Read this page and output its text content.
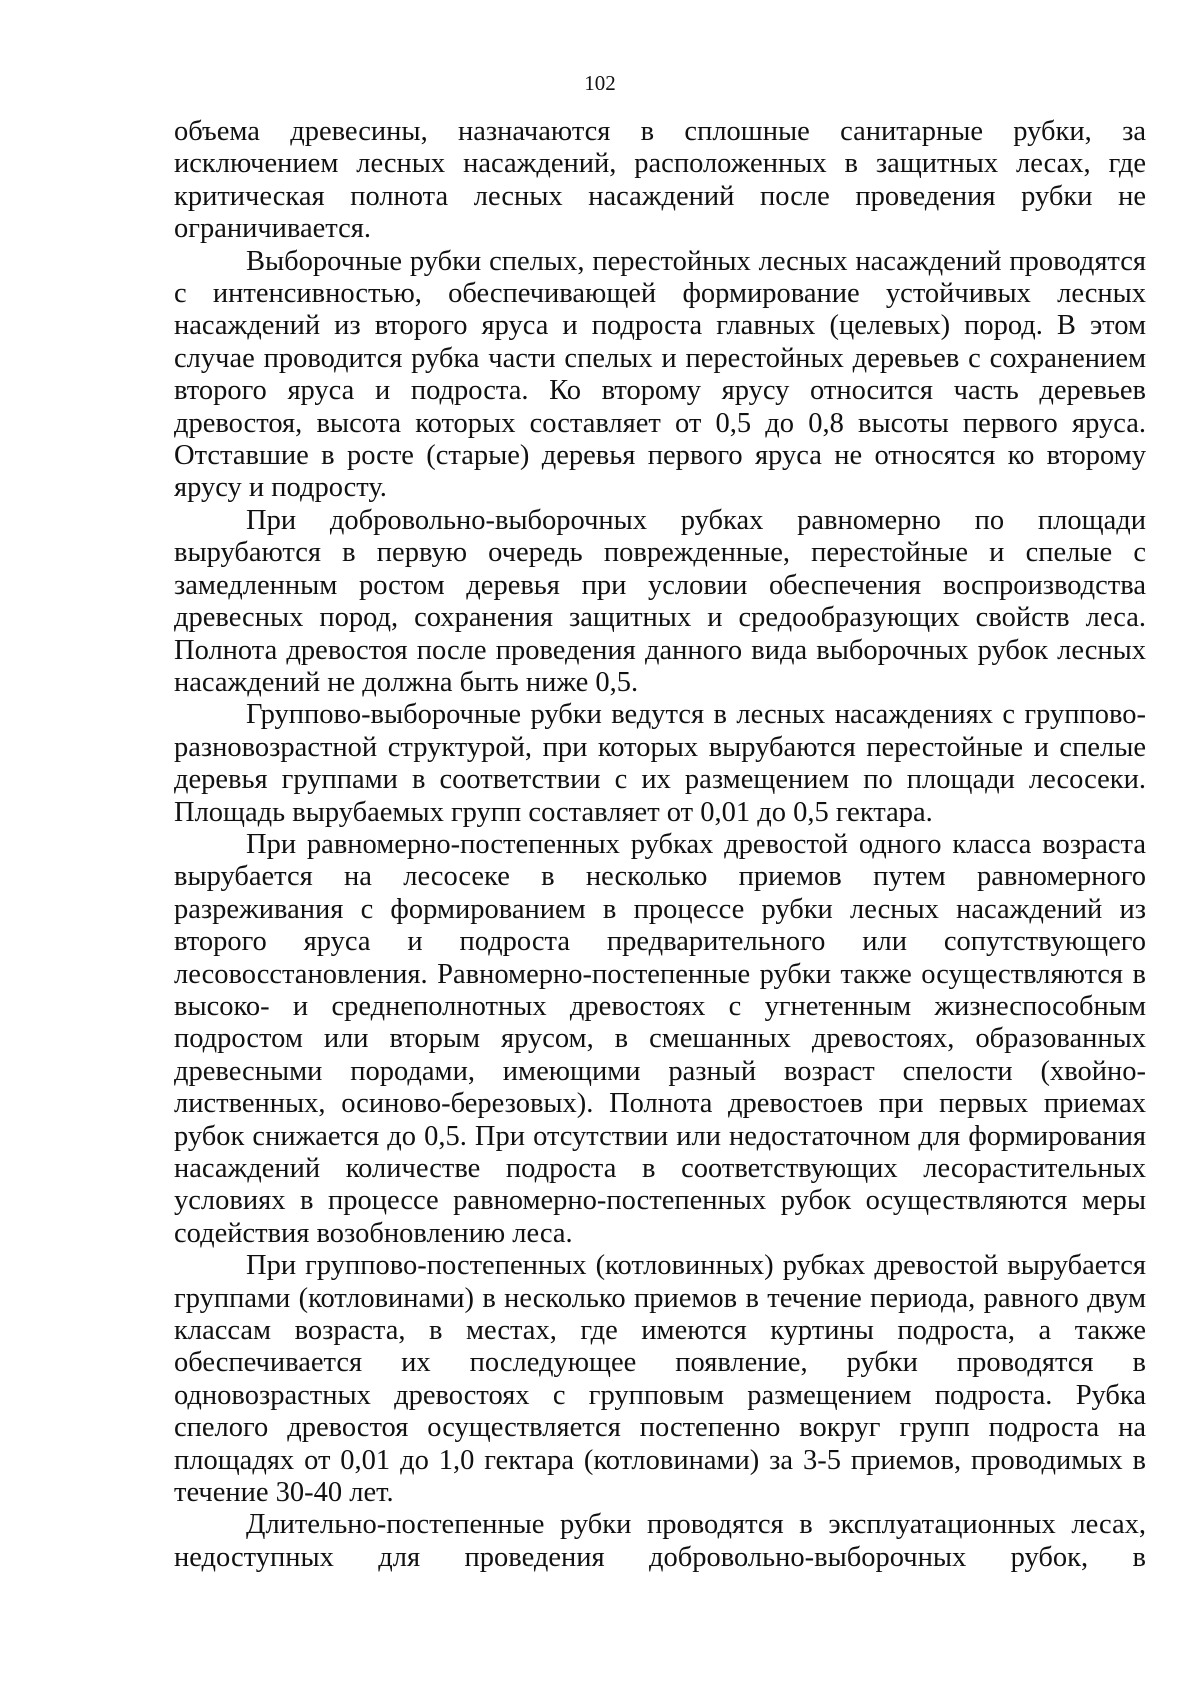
102

объема древесины, назначаются в сплошные санитарные рубки, за исключением лесных насаждений, расположенных в защитных лесах, где критическая полнота лесных насаждений после проведения рубки не ограничивается.

Выборочные рубки спелых, перестойных лесных насаждений проводятся с интенсивностью, обеспечивающей формирование устойчивых лесных насаждений из второго яруса и подроста главных (целевых) пород. В этом случае проводится рубка части спелых и перестойных деревьев с сохранением второго яруса и подроста. Ко второму ярусу относится часть деревьев древостоя, высота которых составляет от 0,5 до 0,8 высоты первого яруса. Отставшие в росте (старые) деревья первого яруса не относятся ко второму ярусу и подросту.

При добровольно-выборочных рубках равномерно по площади вырубаются в первую очередь поврежденные, перестойные и спелые с замедленным ростом деревья при условии обеспечения воспроизводства древесных пород, сохранения защитных и средообразующих свойств леса. Полнота древостоя после проведения данного вида выборочных рубок лесных насаждений не должна быть ниже 0,5.

Группово-выборочные рубки ведутся в лесных насаждениях с группово-разновозрастной структурой, при которых вырубаются перестойные и спелые деревья группами в соответствии с их размещением по площади лесосеки. Площадь вырубаемых групп составляет от 0,01 до 0,5 гектара.

При равномерно-постепенных рубках древостой одного класса возраста вырубается на лесосеке в несколько приемов путем равномерного разреживания с формированием в процессе рубки лесных насаждений из второго яруса и подроста предварительного или сопутствующего лесовосстановления. Равномерно-постепенные рубки также осуществляются в высоко- и среднеполнотных древостоях с угнетенным жизнеспособным подростом или вторым ярусом, в смешанных древостоях, образованных древесными породами, имеющими разный возраст спелости (хвойно-лиственных, осиново-березовых). Полнота древостоев при первых приемах рубок снижается до 0,5. При отсутствии или недостаточном для формирования насаждений количестве подроста в соответствующих лесорастительных условиях в процессе равномерно-постепенных рубок осуществляются меры содействия возобновлению леса.

При группово-постепенных (котловинных) рубках древостой вырубается группами (котловинами) в несколько приемов в течение периода, равного двум классам возраста, в местах, где имеются куртины подроста, а также обеспечивается их последующее появление, рубки проводятся в одновозрастных древостоях с групповым размещением подроста. Рубка спелого древостоя осуществляется постепенно вокруг групп подроста на площадях от 0,01 до 1,0 гектара (котловинами) за 3-5 приемов, проводимых в течение 30-40 лет.

Длительно-постепенные рубки проводятся в эксплуатационных лесах, недоступных для проведения добровольно-выборочных рубок, в
